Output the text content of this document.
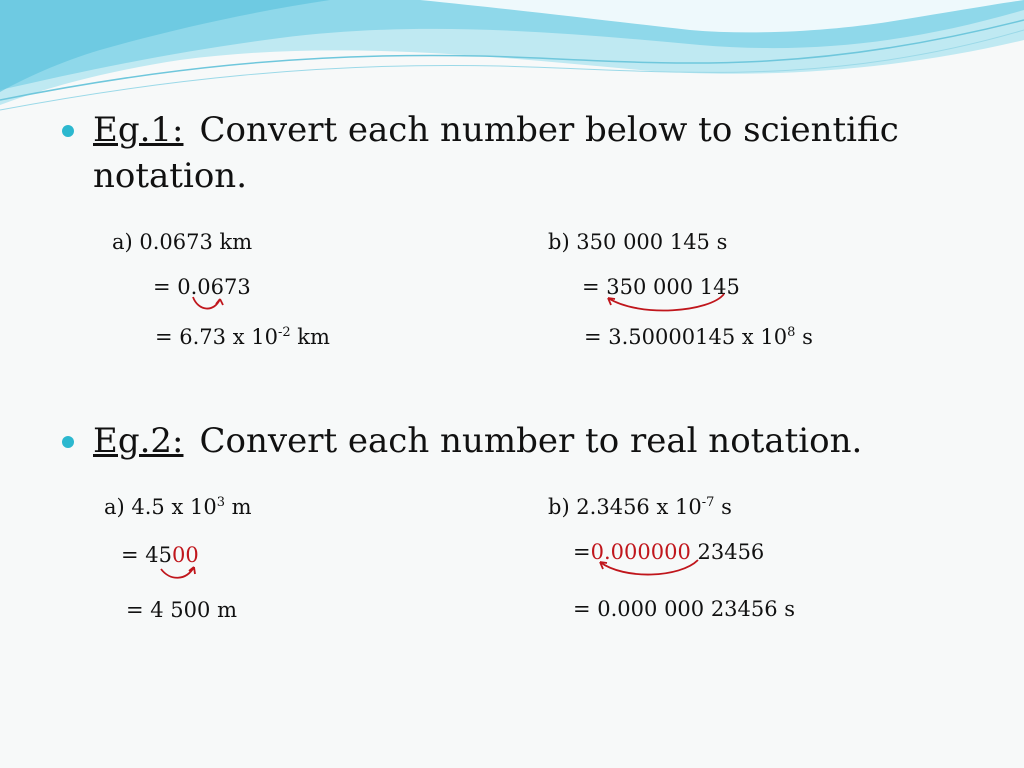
Eg.1: Convert each number below to scientific
notation.
a) 0.0673 km
= 0.0673
= 6.73 x $10^{-2}$ km
b) 350 000 145 s
= 350 000 145
= 3.50000145 x $10^8$ s
Eg.2: Convert each number to real notation.
a) 4.5 x $10^3$ m
= 4500
= 4 500 m
b) 2.3456 x $10^{-7}$ s
=0.000000 23456
= 0.000 000 23456 s
